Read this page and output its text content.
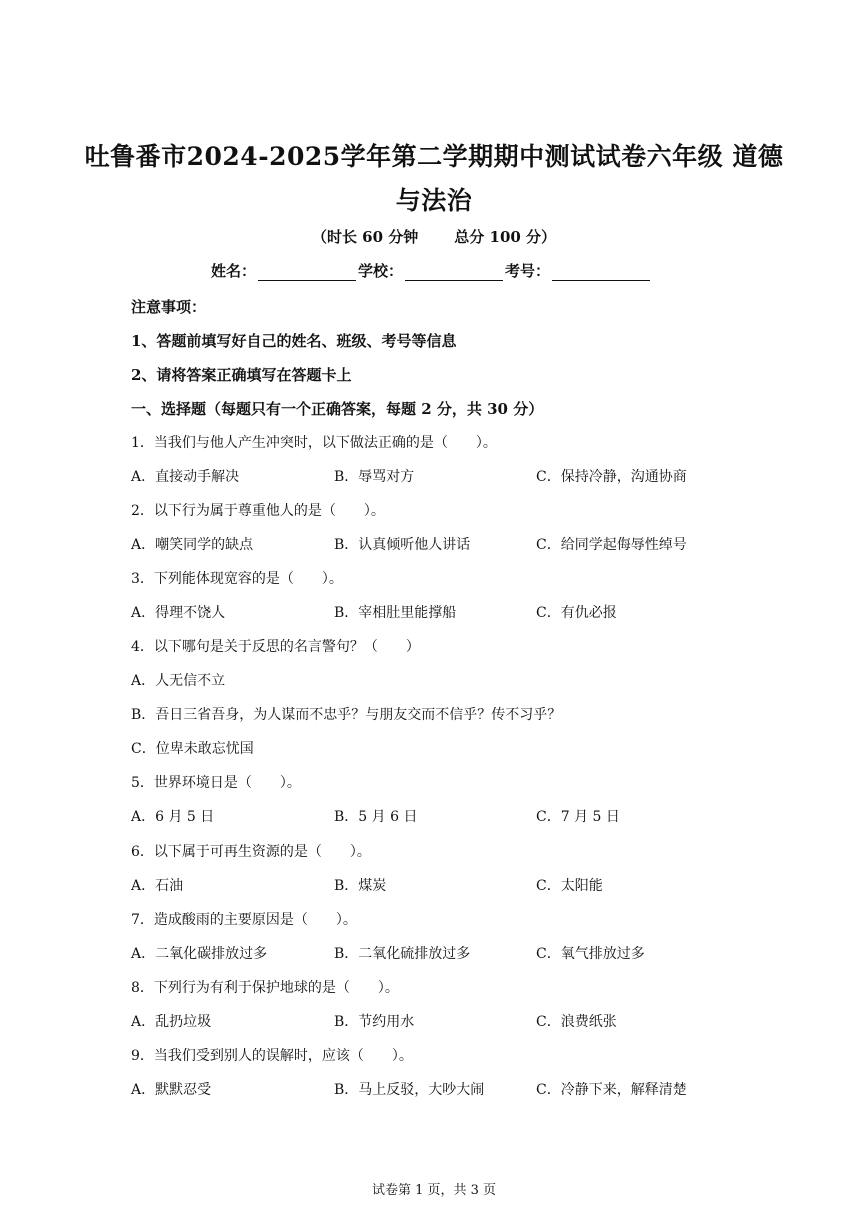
吐鲁番市2024-2025学年第二学期期中测试试卷六年级 道德
与法治
（时长 60 分钟 总分 100 分）
姓名：	学校：	考号：
注意事项：
1、答题前填写好自己的姓名、班级、考号等信息
2、请将答案正确填写在答题卡上
一、选择题（每题只有一个正确答案，每题 2 分，共 30 分）
1．当我们与他人产生冲突时，以下做法正确的是（　　）。
A．直接动手解决	B．辱骂对方	C．保持冷静，沟通协商
2．以下行为属于尊重他人的是（　　）。
A．嘲笑同学的缺点	B．认真倾听他人讲话	C．给同学起侮辱性绰号
3．下列能体现宽容的是（　　）。
A．得理不饶人	B．宰相肚里能撑船	C．有仇必报
4．以下哪句是关于反思的名言警句？（　　）
A．人无信不立
B．吾日三省吾身，为人谋而不忠乎？与朋友交而不信乎？传不习乎？
C．位卑未敢忘忧国
5．世界环境日是（　　）。
A．6 月 5 日	B．5 月 6 日	C．7 月 5 日
6．以下属于可再生资源的是（　　）。
A．石油	B．煤炭	C．太阳能
7．造成酸雨的主要原因是（　　）。
A．二氧化碳排放过多	B．二氧化硫排放过多	C．氧气排放过多
8．下列行为有利于保护地球的是（　　）。
A．乱扔垃圾	B．节约用水	C．浪费纸张
9．当我们受到别人的误解时，应该（　　）。
A．默默忍受	B．马上反驳，大吵大闹	C．冷静下来，解释清楚
试卷第 1 页，共 3 页
